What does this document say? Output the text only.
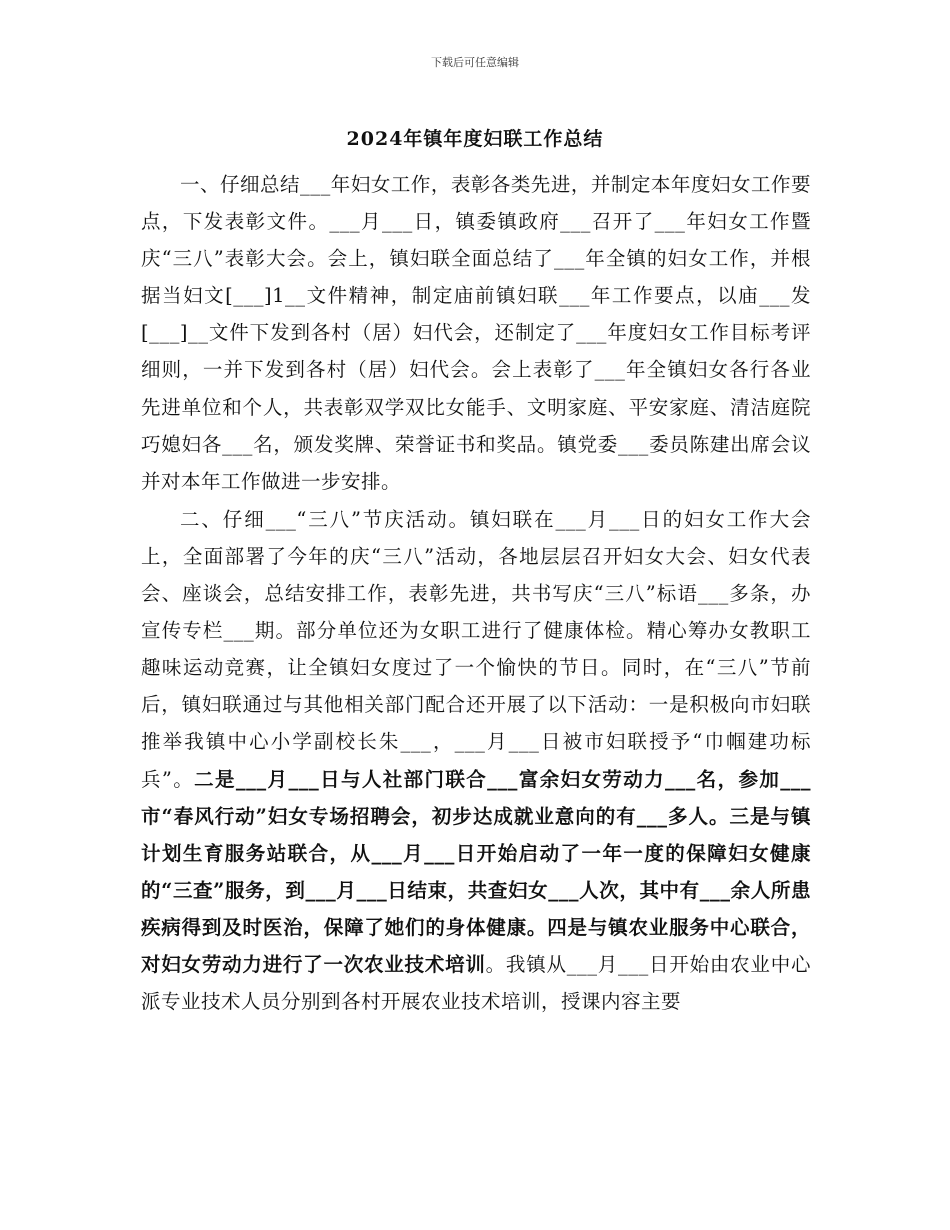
下载后可任意编辑
2024年镇年度妇联工作总结

一、仔细总结___年妇女工作，表彰各类先进，并制定本年度妇女工作要点，下发表彰文件。___月___日，镇委镇政府___召开了___年妇女工作暨庆“三八”表彰大会。会上，镇妇联全面总结了___年全镇的妇女工作，并根据当妇文[___]1__文件精神，制定庙前镇妇联___年工作要点，以庙___发[___]__文件下发到各村（居）妇代会，还制定了___年度妇女工作目标考评细则，一并下发到各村（居）妇代会。会上表彰了___年全镇妇女各行各业先进单位和个人，共表彰双学双比女能手、文明家庭、平安家庭、清洁庭院巧媳妇各___名，颁发奖牌、荣誉证书和奖品。镇党委___委员陈建出席会议并对本年工作做进一步安排。

二、仔细___“三八”节庆活动。镇妇联在___月___日的妇女工作大会上，全面部署了今年的庆“三八”活动，各地层层召开妇女大会、妇女代表会、座谈会，总结安排工作，表彰先进，共书写庆“三八”标语___多条，办宣传专栏___期。部分单位还为女职工进行了健康体检。精心筹办女教职工趣味运动竞赛，让全镇妇女度过了一个愉快的节日。同时，在“三八”节前后，镇妇联通过与其他相关部门配合还开展了以下活动：一是积极向市妇联推举我镇中心小学副校长朱___，___月___日被市妇联授予“巾帼建功标兵”。二是___月___日与人社部门联合___富余妇女劳动力___名，参加___市“春风行动”妇女专场招聘会，初步达成就业意向的有___多人。三是与镇计划生育服务站联合，从___月___日开始启动了一年一度的保障妇女健康的“三查”服务，到___月___日结束，共查妇女___人次，其中有___余人所患疾病得到及时医治，保障了她们的身体健康。四是与镇农业服务中心联合，对妇女劳动力进行了一次农业技术培训。我镇从___月___日开始由农业中心派专业技术人员分别到各村开展农业技术培训，授课内容主要
